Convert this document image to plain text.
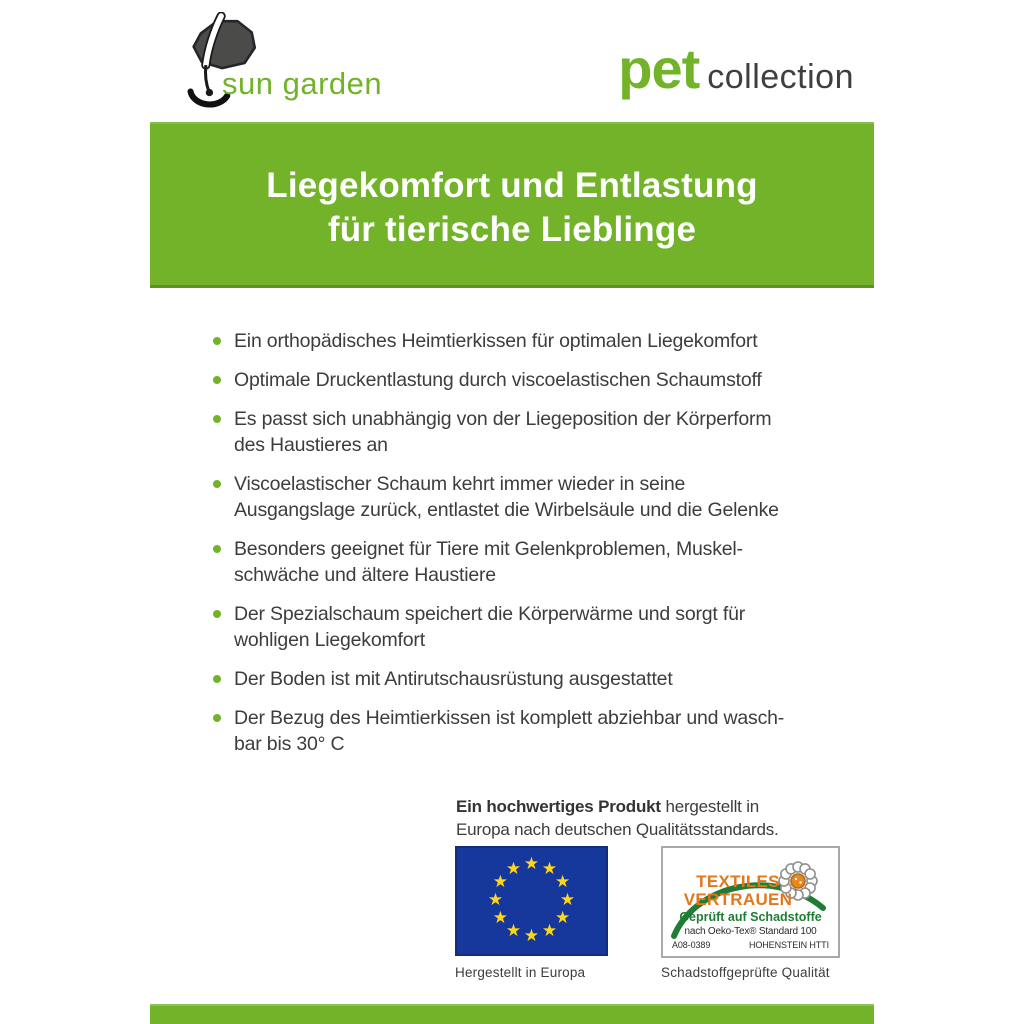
sun garden	pet collection
Liegekomfort und Entlastung
für tierische Lieblinge
Ein orthopädisches Heimtierkissen für optimalen Liegekomfort
Optimale Druckentlastung durch viscoelastischen Schaumstoff
Es passt sich unabhängig von der Liegeposition der Körperform
des Haustieres an
Viscoelastischer Schaum kehrt immer wieder in seine
Ausgangslage zurück, entlastet die Wirbelsäule und die Gelenke
Besonders geeignet für Tiere mit Gelenkproblemen, Muskel-
schwäche und ältere Haustiere
Der Spezialschaum speichert die Körperwärme und sorgt für
wohligen Liegekomfort
Der Boden ist mit Antirutschausrüstung ausgestattet
Der Bezug des Heimtierkissen ist komplett abziehbar und wasch-
bar bis 30° C

Ein hochwertiges Produkt hergestellt in
Europa nach deutschen Qualitätsstandards.

★ ★
★
★
★
★
★
★
★
★
★
★
Hergestellt in Europa
TEXTILES
VERTRAUEN
Geprüft auf Schadstoffe
nach Oeko-Tex® Standard 100
A08-0389	HOHENSTEIN HTTI
Schadstoffgeprüfte Qualität
